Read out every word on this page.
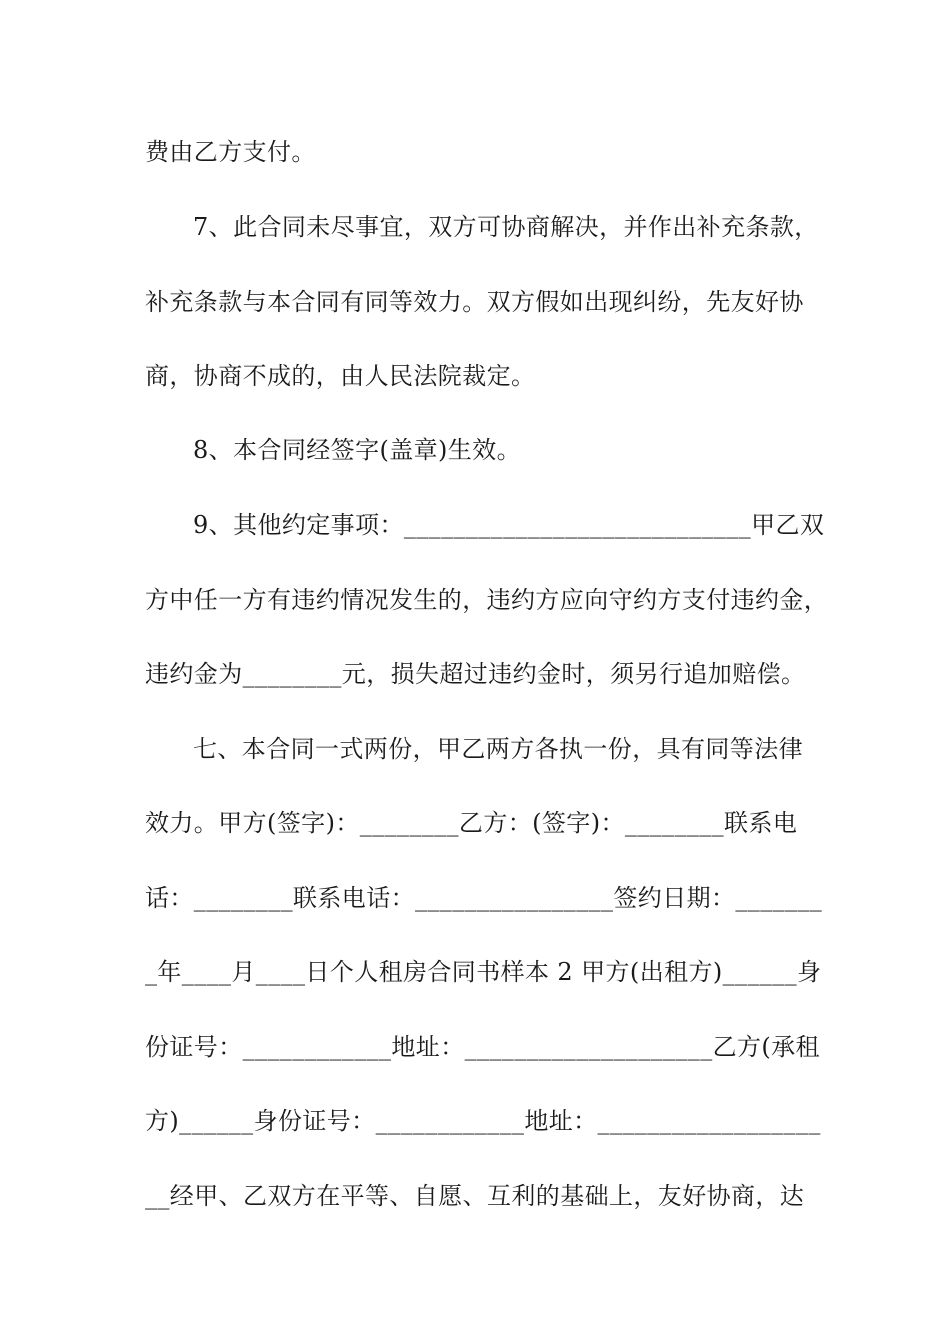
费由乙方支付。
7、此合同未尽事宜，双方可协商解决，并作出补充条款，
补充条款与本合同有同等效力。双方假如出现纠纷，先友好协
商，协商不成的，由人民法院裁定。
8、本合同经签字(盖章)生效。
9、其他约定事项：____________________________甲乙双
方中任一方有违约情况发生的，违约方应向守约方支付违约金，
违约金为________元，损失超过违约金时，须另行追加赔偿。
七、本合同一式两份，甲乙两方各执一份，具有同等法律
效力。甲方(签字)：________乙方：(签字)：________联系电
话：________联系电话：________________签约日期：_______
_年____月____日个人租房合同书样本 2 甲方(出租方)______身
份证号：____________地址：____________________乙方(承租
方)______身份证号：____________地址：__________________
__经甲、乙双方在平等、自愿、互利的基础上，友好协商，达
